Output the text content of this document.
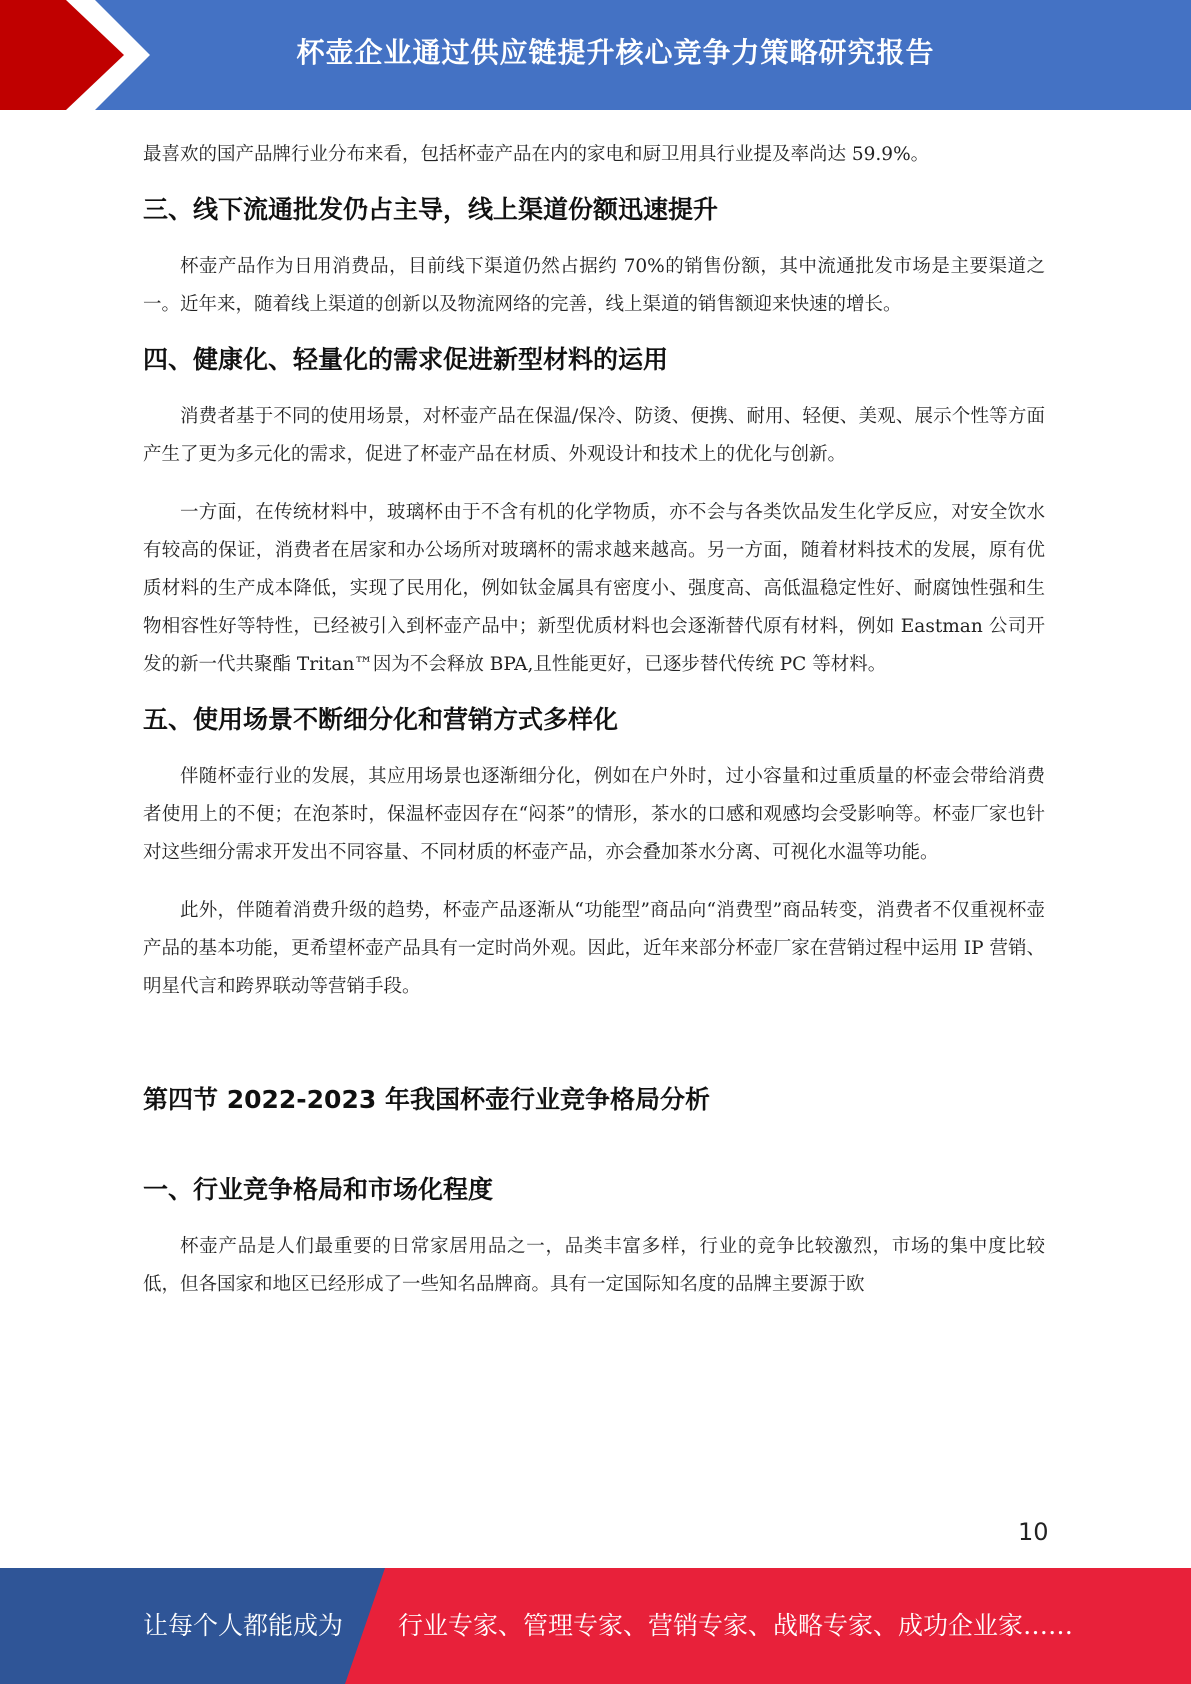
杯壶企业通过供应链提升核心竞争力策略研究报告

最喜欢的国产品牌行业分布来看，包括杯壶产品在内的家电和厨卫用具行业提及率尚达 59.9%。

三、线下流通批发仍占主导，线上渠道份额迅速提升

杯壶产品作为日用消费品，目前线下渠道仍然占据约 70%的销售份额，其中流通批发市场是主要渠道之一。近年来，随着线上渠道的创新以及物流网络的完善，线上渠道的销售额迎来快速的增长。

四、健康化、轻量化的需求促进新型材料的运用

消费者基于不同的使用场景，对杯壶产品在保温/保冷、防烫、便携、耐用、轻便、美观、展示个性等方面产生了更为多元化的需求，促进了杯壶产品在材质、外观设计和技术上的优化与创新。

一方面，在传统材料中，玻璃杯由于不含有机的化学物质，亦不会与各类饮品发生化学反应，对安全饮水有较高的保证，消费者在居家和办公场所对玻璃杯的需求越来越高。另一方面，随着材料技术的发展，原有优质材料的生产成本降低，实现了民用化，例如钛金属具有密度小、强度高、高低温稳定性好、耐腐蚀性强和生物相容性好等特性，已经被引入到杯壶产品中；新型优质材料也会逐渐替代原有材料，例如 Eastman 公司开发的新一代共聚酯 Tritan™因为不会释放 BPA,且性能更好，已逐步替代传统 PC 等材料。

五、使用场景不断细分化和营销方式多样化

伴随杯壶行业的发展，其应用场景也逐渐细分化，例如在户外时，过小容量和过重质量的杯壶会带给消费者使用上的不便；在泡茶时，保温杯壶因存在“闷茶”的情形，茶水的口感和观感均会受影响等。杯壶厂家也针对这些细分需求开发出不同容量、不同材质的杯壶产品，亦会叠加茶水分离、可视化水温等功能。

此外，伴随着消费升级的趋势，杯壶产品逐渐从“功能型”商品向“消费型”商品转变，消费者不仅重视杯壶产品的基本功能，更希望杯壶产品具有一定时尚外观。因此，近年来部分杯壶厂家在营销过程中运用 IP 营销、明星代言和跨界联动等营销手段。

第四节 2022-2023 年我国杯壶行业竞争格局分析
一、行业竞争格局和市场化程度

杯壶产品是人们最重要的日常家居用品之一，品类丰富多样，行业的竞争比较激烈，市场的集中度比较低，但各国家和地区已经形成了一些知名品牌商。具有一定国际知名度的品牌主要源于欧

10
让每个人都能成为 行业专家、管理专家、营销专家、战略专家、成功企业家……
